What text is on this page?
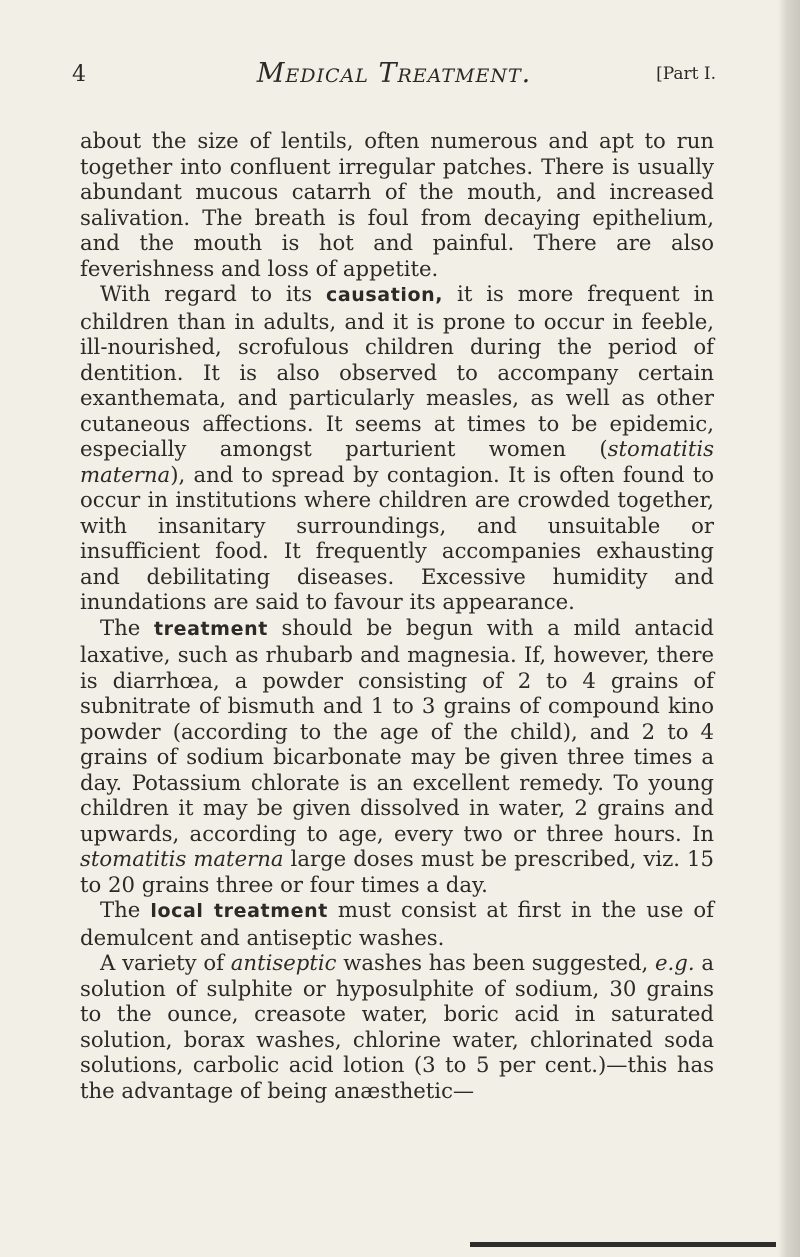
4	Medical Treatment.	[Part I.

about the size of lentils, often numerous and apt to run together into confluent irregular patches. There is usually abundant mucous catarrh of the mouth, and increased salivation. The breath is foul from decaying epithelium, and the mouth is hot and painful. There are also feverishness and loss of appetite.

With regard to its causation, it is more frequent in children than in adults, and it is prone to occur in feeble, ill-nourished, scrofulous children during the period of dentition. It is also observed to accompany certain exanthemata, and particularly measles, as well as other cutaneous affections. It seems at times to be epidemic, especially amongst parturient women (stomatitis materna), and to spread by contagion. It is often found to occur in institutions where children are crowded together, with insanitary surroundings, and unsuitable or insufficient food. It frequently accompanies exhausting and debilitating diseases. Excessive humidity and inundations are said to favour its appearance.

The treatment should be begun with a mild antacid laxative, such as rhubarb and magnesia. If, however, there is diarrhœa, a powder consisting of 2 to 4 grains of subnitrate of bismuth and 1 to 3 grains of compound kino powder (according to the age of the child), and 2 to 4 grains of sodium bicarbonate may be given three times a day. Potassium chlorate is an excellent remedy. To young children it may be given dissolved in water, 2 grains and upwards, according to age, every two or three hours. In stomatitis materna large doses must be prescribed, viz. 15 to 20 grains three or four times a day.

The local treatment must consist at first in the use of demulcent and antiseptic washes.

A variety of antiseptic washes has been suggested, e.g. a solution of sulphite or hyposulphite of sodium, 30 grains to the ounce, creasote water, boric acid in saturated solution, borax washes, chlorine water, chlorinated soda solutions, carbolic acid lotion (3 to 5 per cent.)—this has the advantage of being anæsthetic—
